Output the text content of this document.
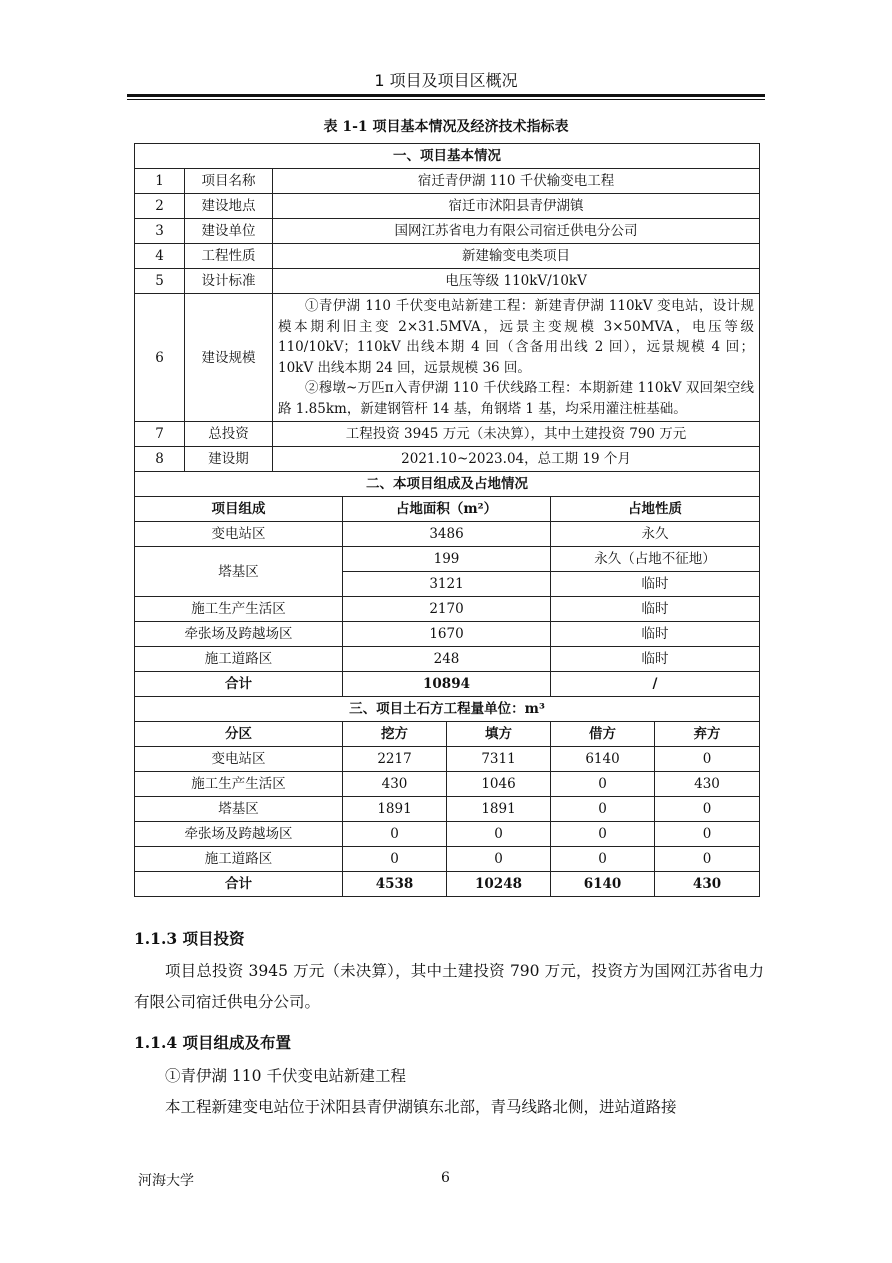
1 项目及项目区概况
表 1-1 项目基本情况及经济技术指标表
一、项目基本情况						
1	项目名称	宿迁青伊湖 110 千伏输变电工程				
2	建设地点	宿迁市沭阳县青伊湖镇				
3	建设单位	国网江苏省电力有限公司宿迁供电分公司				
4	工程性质	新建输变电类项目				
5	设计标准	电压等级 110kV/10kV				
6	建设规模	①青伊湖 110 千伏变电站新建工程：新建青伊湖 110kV 变电站，设计规模本期利旧主变 2×31.5MVA，远景主变规模 3×50MVA，电压等级 110/10kV；110kV 出线本期 4 回（含备用出线 2 回），远景规模 4 回；10kV 出线本期 24 回，远景规模 36 回。

②穆墩~万匹π入青伊湖 110 千伏线路工程：本期新建 110kV 双回架空线路 1.85km，新建钢管杆 14 基，角钢塔 1 基，均采用灌注桩基础。				

7	总投资	工程投资 3945 万元（未决算），其中土建投资 790 万元				
8	建设期	2021.10~2023.04，总工期 19 个月				
二、本项目组成及占地情况						
项目组成			占地面积（m²）		占地性质	
变电站区			3486		永久	
塔基区			199		永久（占地不征地）	
			3121		临时	
施工生产生活区			2170		临时	
牵张场及跨越场区			1670		临时	
施工道路区			248		临时	
合计			10894		/	
三、项目土石方工程量单位：m³						
分区			挖方	填方	借方	弃方
变电站区			2217	7311	6140	0
施工生产生活区			430	1046	0	430
塔基区			1891	1891	0	0
牵张场及跨越场区			0	0	0	0
施工道路区			0	0	0	0
合计			4538	10248	6140	430
1.1.3 项目投资

项目总投资 3945 万元（未决算），其中土建投资 790 万元，投资方为国网江苏省电力有限公司宿迁供电分公司。

1.1.4 项目组成及布置

①青伊湖 110 千伏变电站新建工程

本工程新建变电站位于沭阳县青伊湖镇东北部，青马线路北侧，进站道路接

河海大学	6
